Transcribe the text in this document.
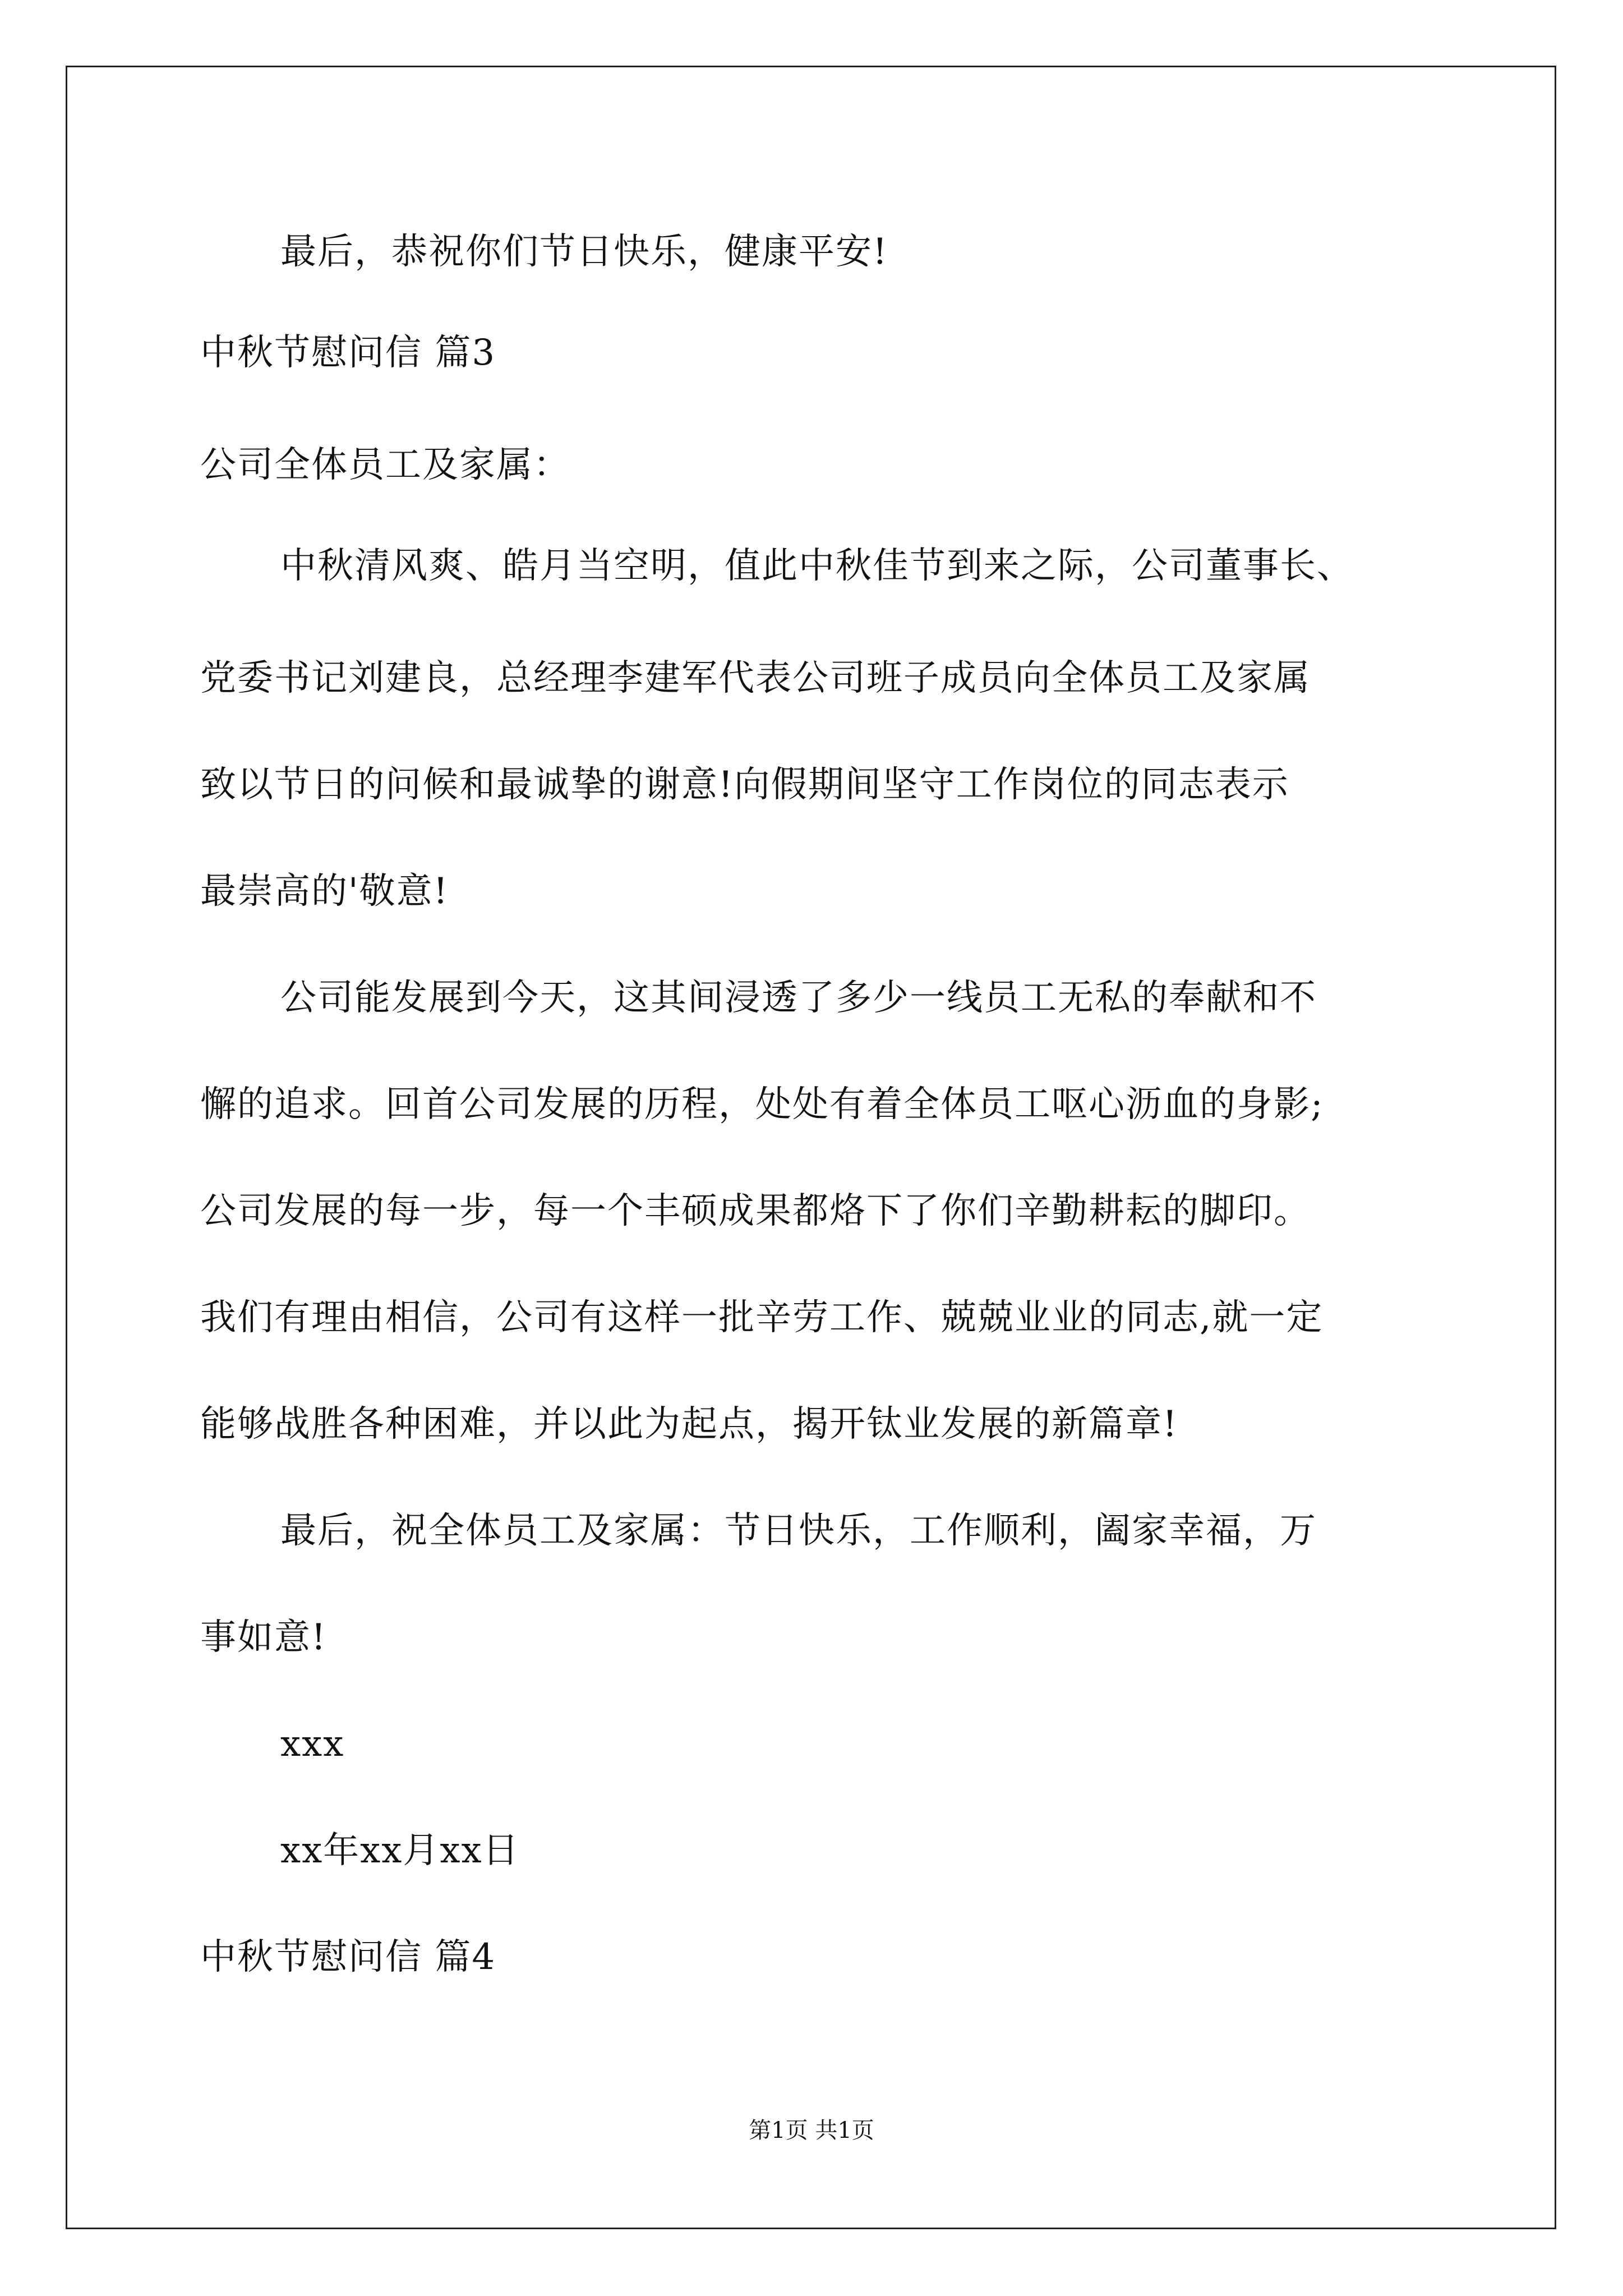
最后，恭祝你们节日快乐，健康平安!
中秋节慰问信 篇3
公司全体员工及家属：
中秋清风爽、皓月当空明，值此中秋佳节到来之际，公司董事长、
党委书记刘建良，总经理李建军代表公司班子成员向全体员工及家属
致以节日的问候和最诚挚的谢意!向假期间坚守工作岗位的同志表示
最崇高的'敬意!
公司能发展到今天，这其间浸透了多少一线员工无私的奉献和不
懈的追求。回首公司发展的历程，处处有着全体员工呕心沥血的身影;
公司发展的每一步，每一个丰硕成果都烙下了你们辛勤耕耘的脚印。
我们有理由相信，公司有这样一批辛劳工作、兢兢业业的同志,就一定
能够战胜各种困难，并以此为起点，揭开钛业发展的新篇章!
最后，祝全体员工及家属：节日快乐，工作顺利，阖家幸福，万
事如意!
xxx
xx年xx月xx日
中秋节慰问信 篇4
第1页 共1页
